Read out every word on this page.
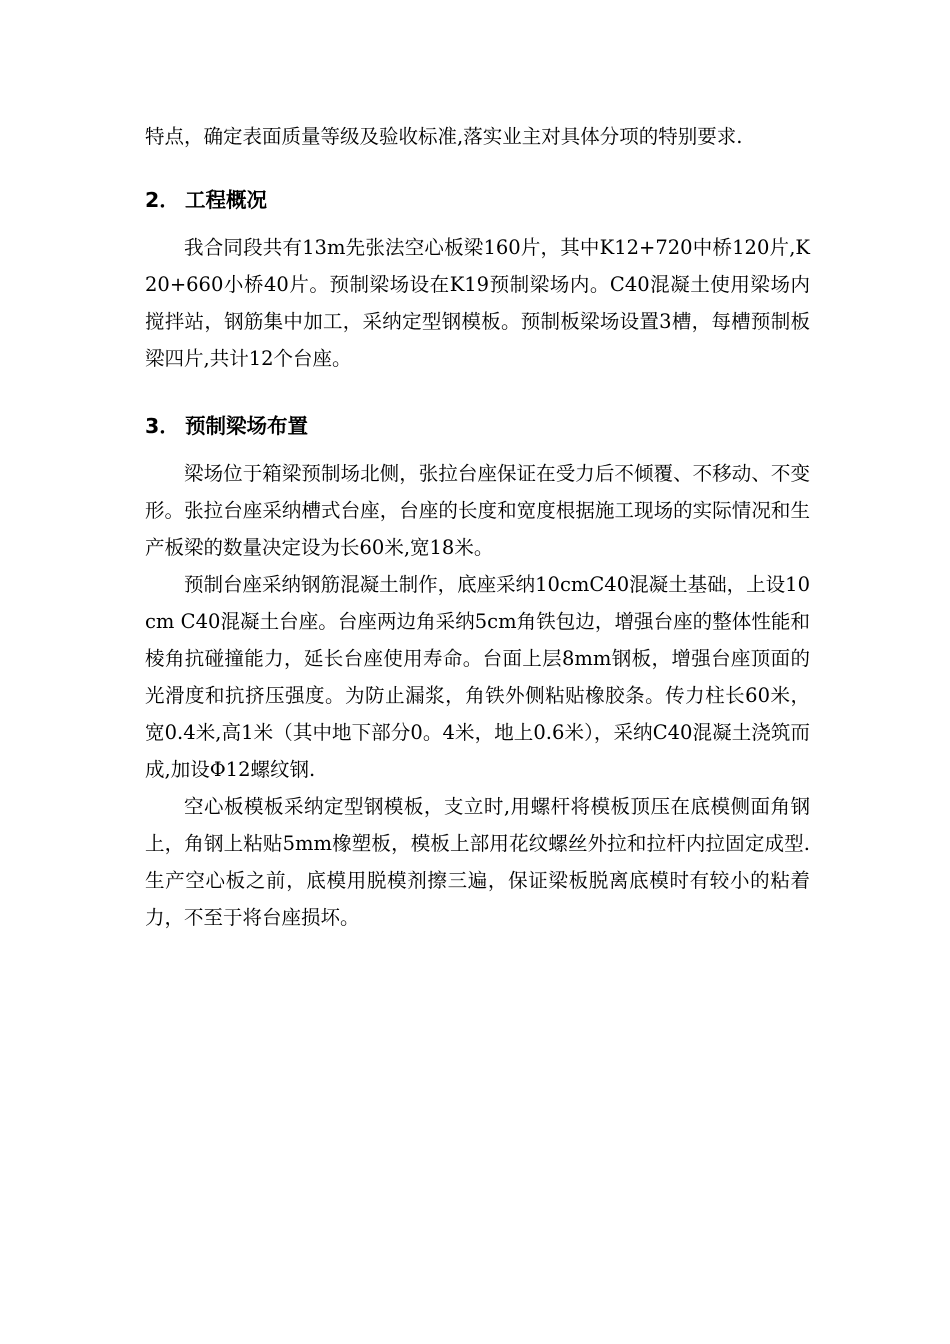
特点，确定表面质量等级及验收标准,落实业主对具体分项的特别要求.

2． 工程概况

我合同段共有13m先张法空心板梁160片，其中K12+720中桥120片,K20+660小桥40片。预制梁场设在K19预制梁场内。C40混凝土使用梁场内搅拌站，钢筋集中加工，采纳定型钢模板。预制板梁场设置3槽，每槽预制板梁四片,共计12个台座。

3． 预制梁场布置

梁场位于箱梁预制场北侧，张拉台座保证在受力后不倾覆、不移动、不变形。张拉台座采纳槽式台座，台座的长度和宽度根据施工现场的实际情况和生产板梁的数量决定设为长60米,宽18米。

预制台座采纳钢筋混凝土制作，底座采纳10cmC40混凝土基础，上设10cm C40混凝土台座。台座两边角采纳5cm角铁包边，增强台座的整体性能和棱角抗碰撞能力，延长台座使用寿命。台面上层8mm钢板，增强台座顶面的光滑度和抗挤压强度。为防止漏浆，角铁外侧粘贴橡胶条。传力柱长60米，宽0.4米,高1米（其中地下部分0。4米，地上0.6米），采纳C40混凝土浇筑而成,加设Φ12螺纹钢.

空心板模板采纳定型钢模板，支立时,用螺杆将模板顶压在底模侧面角钢上，角钢上粘贴5mm橡塑板，模板上部用花纹螺丝外拉和拉杆内拉固定成型.生产空心板之前，底模用脱模剂擦三遍，保证梁板脱离底模时有较小的粘着力，不至于将台座损坏。
